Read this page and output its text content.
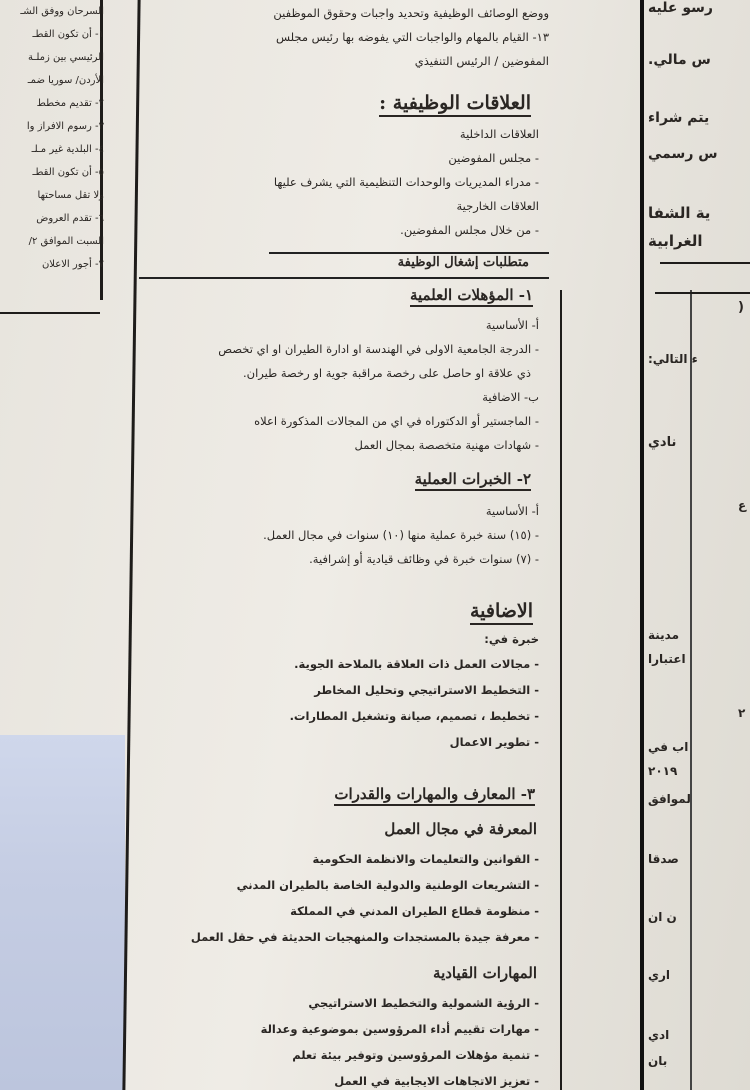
السرحان ووفق الشـ
١- أن تكون القطـ
الرئيسي بين زملـة
الأردن/ سوريا ضمـ
٢- تقديم مخطط
٣- رسوم الافراز وا
٤- البلدية غير مـلـ
٥- أن تكون القطـ
ولا تقل مساحتها
٦- تقدم العروض
السبت الموافق ٢/
٧- أجور الاعلان
ووضع الوصائف الوظيفية وتحديد واجبات وحقوق الموظفين
١٣- القيام بالمهام والواجبات التي يفوضه بها رئيس مجلس
المفوضين / الرئيس التنفيذي
العلاقات الوظيفية :
العلاقات الداخلية
- مجلس المفوضين
- مدراء المديريات والوحدات التنظيمية التي يشرف عليها
العلاقات الخارجية
- من خلال مجلس المفوضين.
متطلبات إشغال الوظيفة
١- المؤهلات العلمية
أ- الأساسية
- الدرجة الجامعية الاولى في الهندسة او ادارة الطيران او اي تخصص
ذي علاقة او حاصل على رخصة مراقبة جوية او رخصة طيران.
ب- الاضافية
- الماجستير أو الدكتوراه في اي من المجالات المذكورة اعلاه
- شهادات مهنية متخصصة بمجال العمل
٢- الخبرات العملية
أ- الأساسية
- (١٥) سنة خبرة عملية منها (١٠) سنوات في مجال العمل.
- (٧) سنوات خبرة في وظائف قيادية أو إشرافية.
الاضافية
خبرة في:
- مجالات العمل ذات العلاقة بالملاحة الجوية.
- التخطيط الاستراتيجي وتحليل المخاطر
- تخطيط ، تصميم، صيانة وتشغيل المطارات.
- تطوير الاعمال
٣- المعارف والمهارات والقدرات
المعرفة في مجال العمل
- القوانين والتعليمات والانظمة الحكومية
- التشريعات الوطنية والدولية الخاصة بالطيران المدني
- منظومة قطاع الطيران المدني في المملكة
- معرفة جيدة بالمستجدات والمنهجيات الحديثة في حقل العمل
المهارات القيادية
- الرؤية الشمولية والتخطيط الاستراتيجي
- مهارات تقييم أداء المرؤوسين بموضوعية وعدالة
- تنمية مؤهلات المرؤوسين وتوفير بيئة تعلم
- تعزيز الاتجاهات الايجابية في العمل
رسو عليه
س مالي.
يتم شراء
س رسمي
ية الشفا
الغرابية
(
ء التالي:
نادي
ع
مدينة
اعتبارا
٢
اب في
٢٠١٩
لموافق
صدقا
ن ان
اري
ادي
بان
